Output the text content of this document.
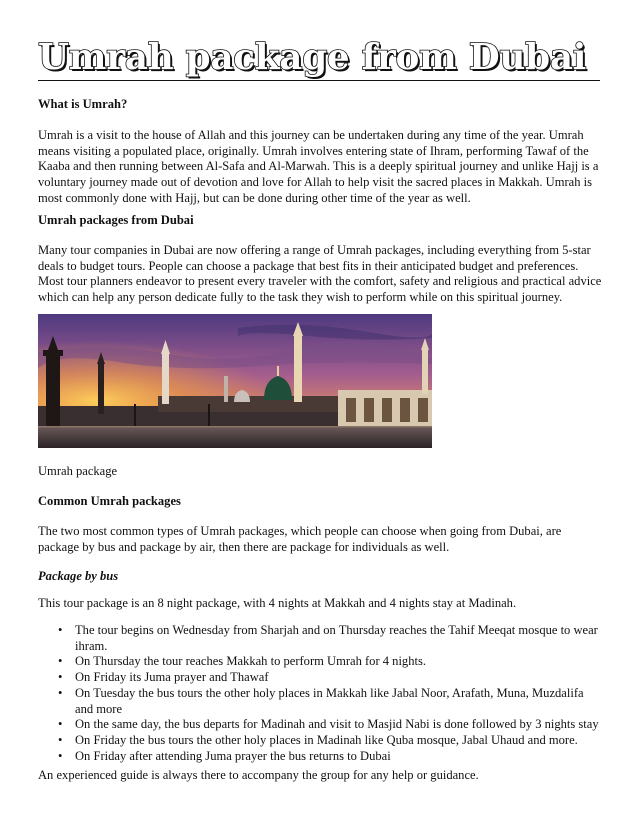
Umrah package from Dubai

What is Umrah?

Umrah is a visit to the house of Allah and this journey can be undertaken during any time of the year. Umrah means visiting a populated place, originally. Umrah involves entering state of Ihram, performing Tawaf of the Kaaba and then running between Al-Safa and Al-Marwah. This is a deeply spiritual journey and unlike Hajj is a voluntary journey made out of devotion and love for Allah to help visit the sacred places in Makkah. Umrah is most commonly done with Hajj, but can be done during other time of the year as well.

Umrah packages from Dubai

Many tour companies in Dubai are now offering a range of Umrah packages, including everything from 5-star deals to budget tours. People can choose a package that best fits in their anticipated budget and preferences. Most tour planners endeavor to present every traveler with the comfort, safety and religious and practical advice which can help any person dedicate fully to the task they wish to perform while on this spiritual journey.

Umrah package

Common Umrah packages

The two most common types of Umrah packages, which people can choose when going from Dubai, are package by bus and package by air, then there are package for individuals as well.

Package by bus

This tour package is an 8 night package, with 4 nights at Makkah and 4 nights stay at Madinah.

• The tour begins on Wednesday from Sharjah and on Thursday reaches the Tahif Meeqat mosque to wear ihram.
• On Thursday the tour reaches Makkah to perform Umrah for 4 nights.
• On Friday its Juma prayer and Thawaf
• On Tuesday the bus tours the other holy places in Makkah like Jabal Noor, Arafath, Muna, Muzdalifa and more
• On the same day, the bus departs for Madinah and visit to Masjid Nabi is done followed by 3 nights stay
• On Friday the bus tours the other holy places in Madinah like Quba mosque, Jabal Uhaud and more.
• On Friday after attending Juma prayer the bus returns to Dubai

An experienced guide is always there to accompany the group for any help or guidance.
